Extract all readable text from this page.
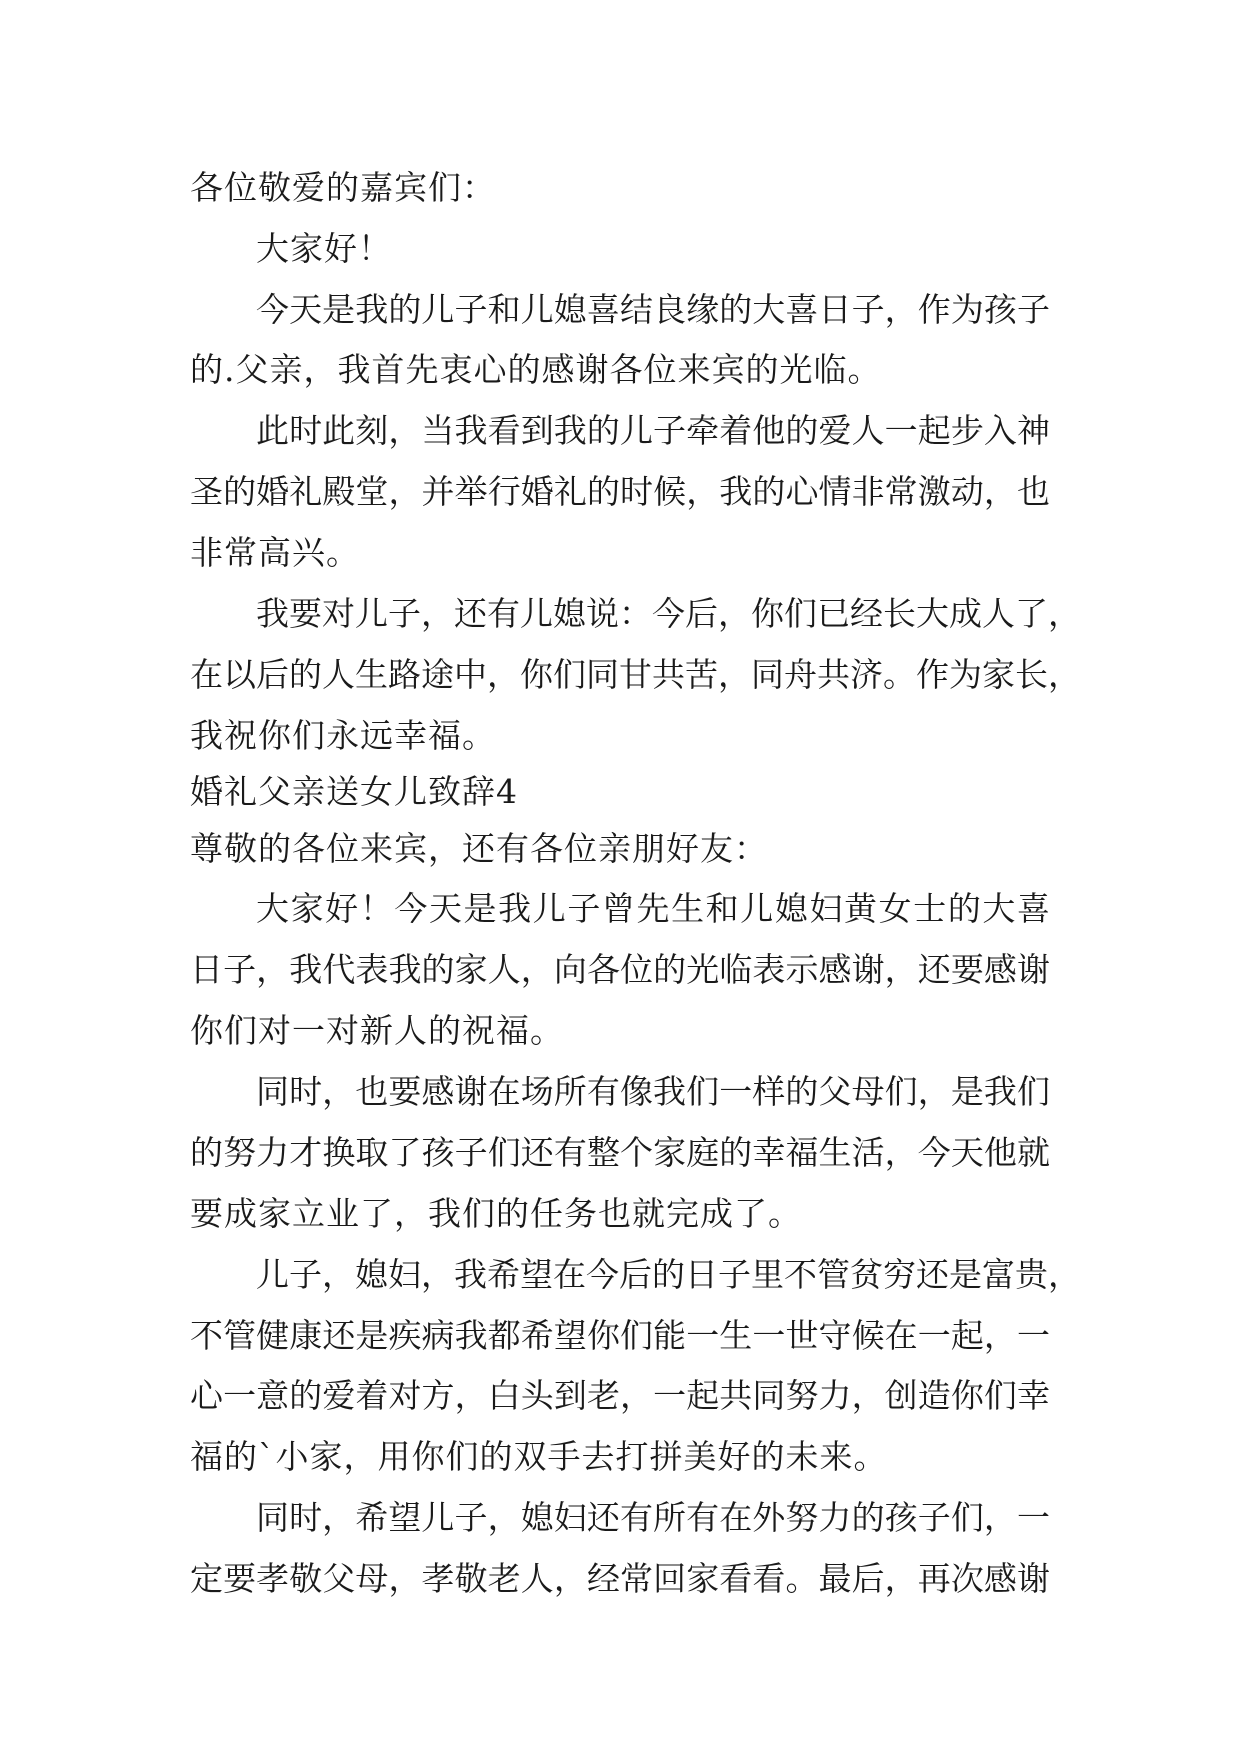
各位敬爱的嘉宾们：
大家好！
今天是我的儿子和儿媳喜结良缘的大喜日子，作为孩子
的.父亲，我首先衷心的感谢各位来宾的光临。
此时此刻，当我看到我的儿子牵着他的爱人一起步入神
圣的婚礼殿堂，并举行婚礼的时候，我的心情非常激动，也
非常高兴。
我要对儿子，还有儿媳说：今后，你们已经长大成人了，
在以后的人生路途中，你们同甘共苦，同舟共济。作为家长，
我祝你们永远幸福。
婚礼父亲送女儿致辞4
尊敬的各位来宾，还有各位亲朋好友：
大家好！今天是我儿子曾先生和儿媳妇黄女士的大喜
日子，我代表我的家人，向各位的光临表示感谢，还要感谢
你们对一对新人的祝福。
同时，也要感谢在场所有像我们一样的父母们，是我们
的努力才换取了孩子们还有整个家庭的幸福生活，今天他就
要成家立业了，我们的任务也就完成了。
儿子，媳妇，我希望在今后的日子里不管贫穷还是富贵，
不管健康还是疾病我都希望你们能一生一世守候在一起，一
心一意的爱着对方，白头到老，一起共同努力，创造你们幸
福的`小家，用你们的双手去打拼美好的未来。
同时，希望儿子，媳妇还有所有在外努力的孩子们，一
定要孝敬父母，孝敬老人，经常回家看看。最后，再次感谢
